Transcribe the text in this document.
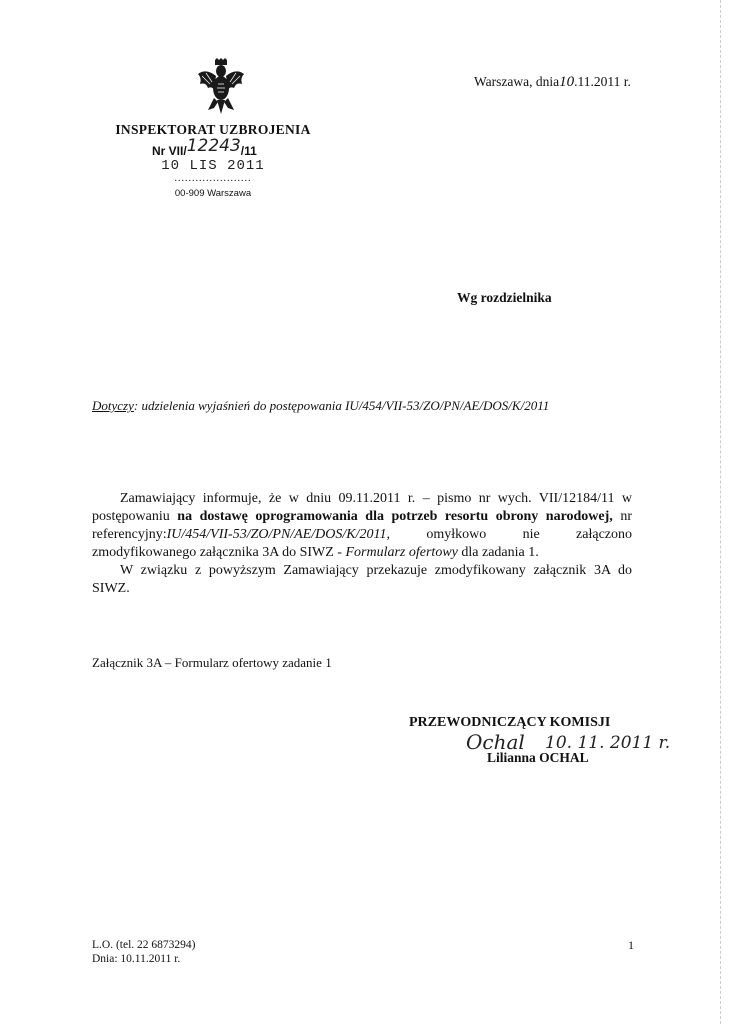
INSPEKTORAT UZBROJENIA
Nr VII/12243/11
10 LIS 2011
......................
00-909 Warszawa
Warszawa, dnia10.11.2011 r.
Wg rozdzielnika
Dotyczy: udzielenia wyjaśnień do postępowania IU/454/VII-53/ZO/PN/AE/DOS/K/2011

Zamawiający informuje, że w dniu 09.11.2011 r. – pismo nr wych. VII/12184/11 w postępowaniu na dostawę oprogramowania dla potrzeb resortu obrony narodowej, nr referencyjny:IU/454/VII-53/ZO/PN/AE/DOS/K/2011, omyłkowo nie załączono zmodyfikowanego załącznika 3A do SIWZ - Formularz ofertowy dla zadania 1.

W związku z powyższym Zamawiający przekazuje zmodyfikowany załącznik 3A do SIWZ.

Załącznik 3A – Formularz ofertowy zadanie 1
PRZEWODNICZĄCY KOMISJI
Ochal 10. 11. 2011 r.
Lilianna OCHAL
L.O. (tel. 22 6873294)
Dnia: 10.11.2011 r.
1
